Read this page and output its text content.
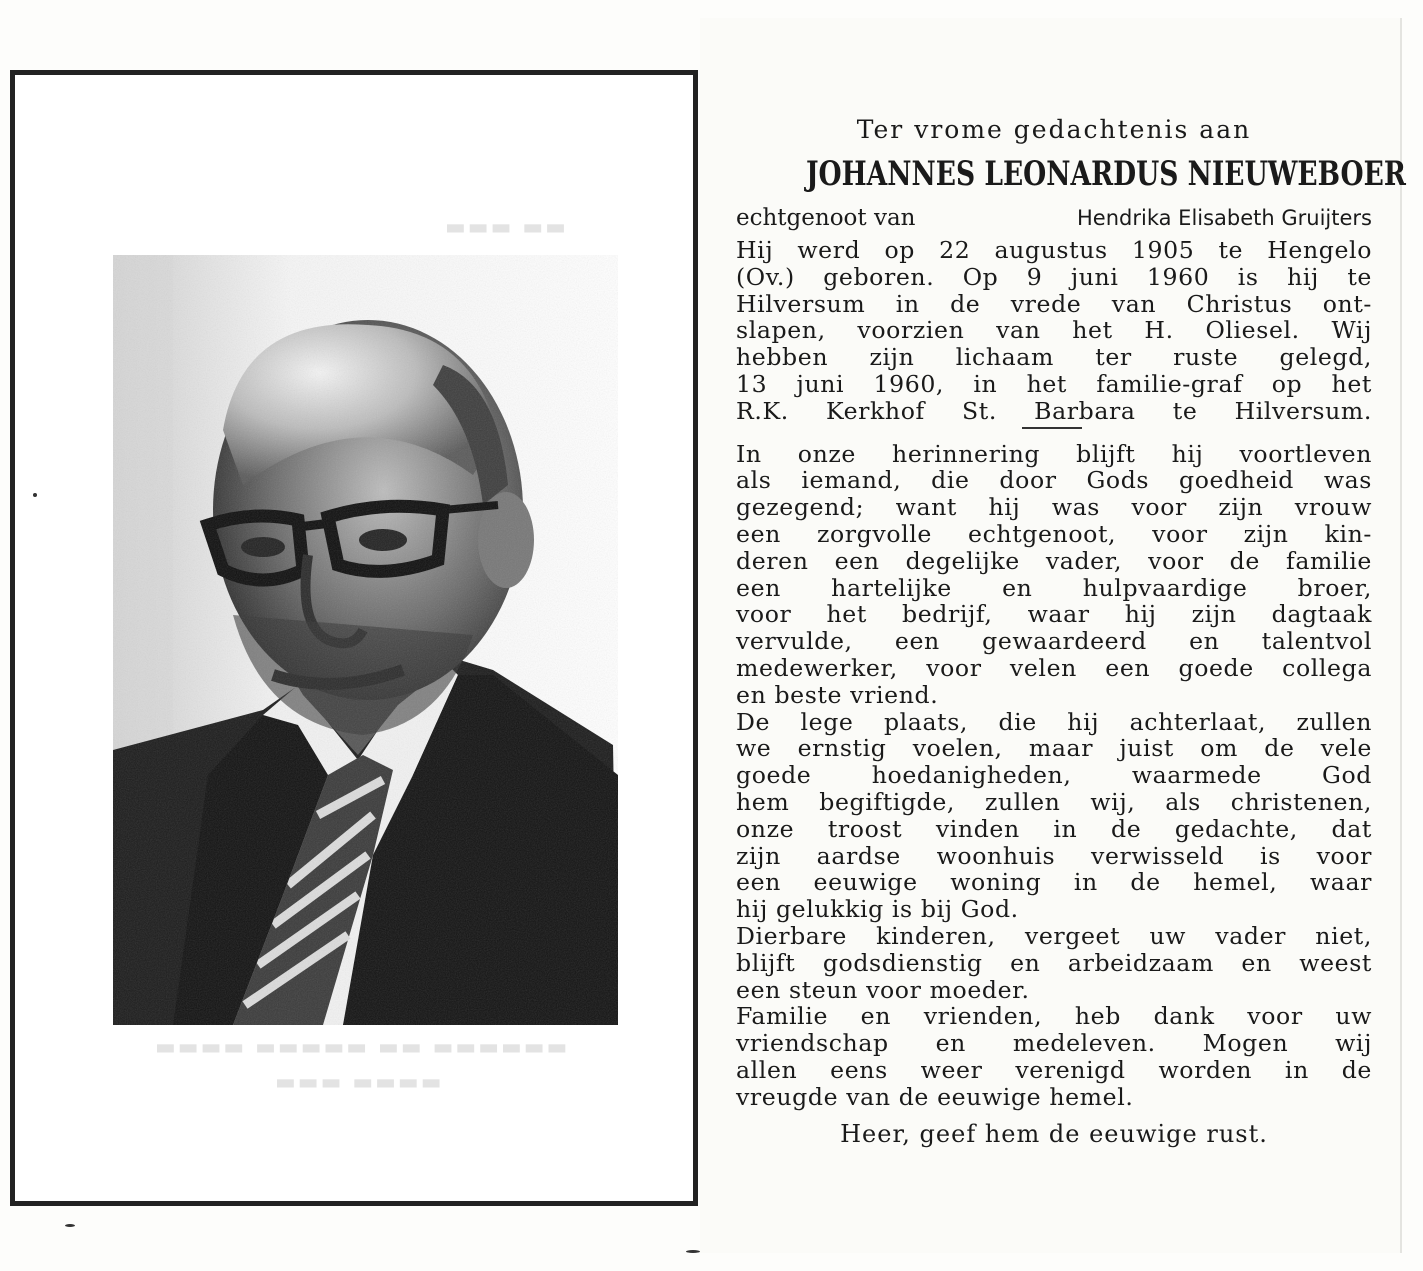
▬▬▬ ▬▬
▬▬▬▬ ▬▬▬▬▬ ▬▬ ▬▬▬▬▬▬
▬▬▬ ▬▬▬▬
Ter vrome gedachtenis aan
JOHANNES LEONARDUS NIEUWEBOER
echtgenoot van	Hendrika Elisabeth Gruijters
Hij werd op 22 augustus 1905 te Hengelo
(Ov.) geboren. Op 9 juni 1960 is hij te
Hilversum in de vrede van Christus ont-
slapen, voorzien van het H. Oliesel. Wij
hebben zijn lichaam ter ruste gelegd,
13 juni 1960, in het familie-graf op het
R.K. Kerkhof St. Barbara te Hilversum.
In onze herinnering blijft hij voortleven
als iemand, die door Gods goedheid was
gezegend; want hij was voor zijn vrouw
een zorgvolle echtgenoot, voor zijn kin-
deren een degelijke vader, voor de familie
een hartelijke en hulpvaardige broer,
voor het bedrijf, waar hij zijn dagtaak
vervulde, een gewaardeerd en talentvol
medewerker, voor velen een goede collega
en beste vriend.
De lege plaats, die hij achterlaat, zullen
we ernstig voelen, maar juist om de vele
goede hoedanigheden, waarmede God
hem begiftigde, zullen wij, als christenen,
onze troost vinden in de gedachte, dat
zijn aardse woonhuis verwisseld is voor
een eeuwige woning in de hemel, waar
hij gelukkig is bij God.
Dierbare kinderen, vergeet uw vader niet,
blijft godsdienstig en arbeidzaam en weest
een steun voor moeder.
Familie en vrienden, heb dank voor uw
vriendschap en medeleven. Mogen wij
allen eens weer verenigd worden in de
vreugde van de eeuwige hemel.
Heer, geef hem de eeuwige rust.
